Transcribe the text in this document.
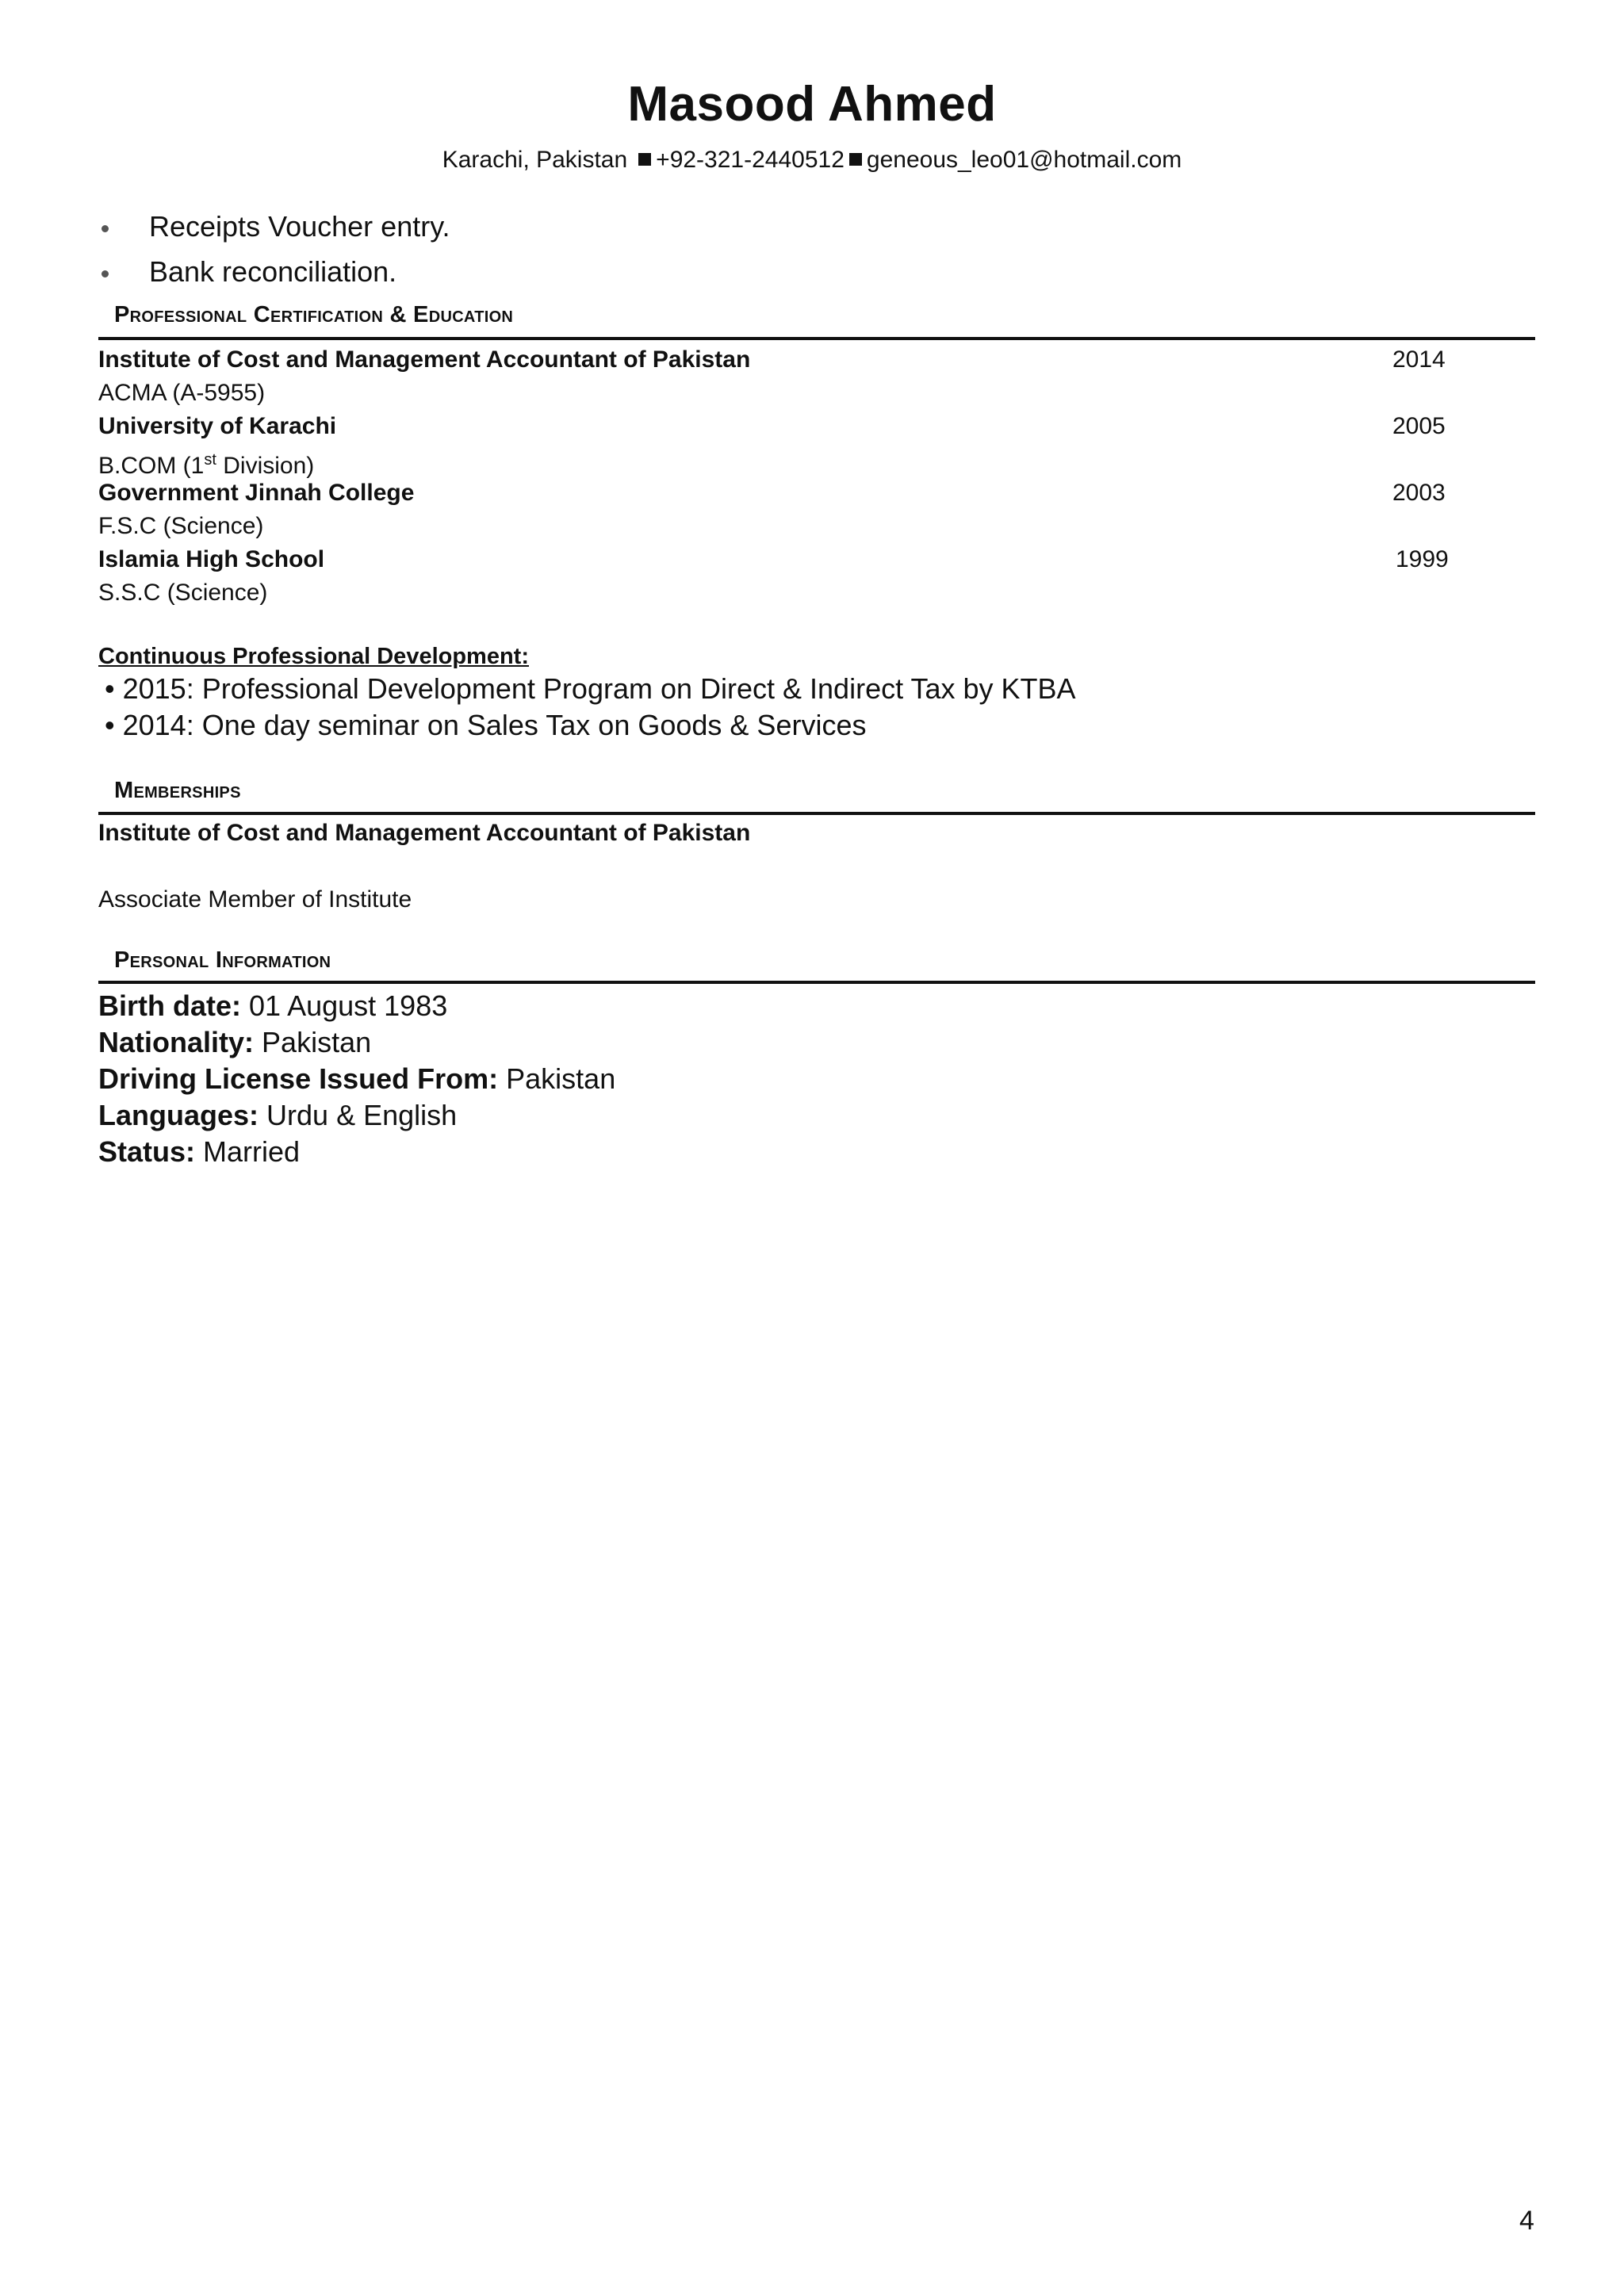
Masood Ahmed
Karachi, Pakistan +92-321-2440512 geneous_leo01@hotmail.com
Receipts Voucher entry.
Bank reconciliation.
Professional Certification & Education
Institute of Cost and Management Accountant of Pakistan	2014
ACMA (A-5955)
University of Karachi	2005
B.COM (1st Division)
Government Jinnah College	2003
F.S.C (Science)
Islamia High School	1999
S.S.C (Science)
Continuous Professional Development:
• 2015: Professional Development Program on Direct & Indirect Tax by KTBA
• 2014: One day seminar on Sales Tax on Goods & Services
Memberships
Institute of Cost and Management Accountant of Pakistan
Associate Member of Institute
Personal Information
Birth date: 01 August 1983
Nationality: Pakistan
Driving License Issued From: Pakistan
Languages: Urdu & English
Status: Married
4
